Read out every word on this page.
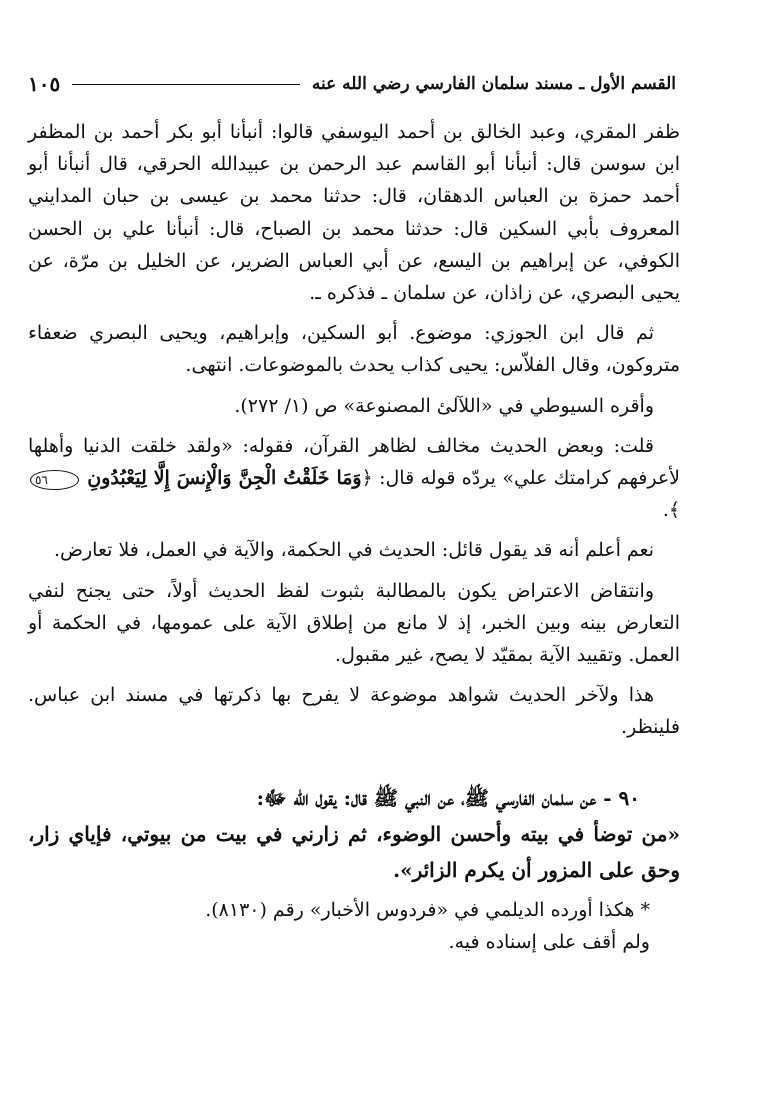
القسم الأول ـ مسند سلمان الفارسي رضي الله عنه
١٠٥

ظفر المقري، وعبد الخالق بن أحمد اليوسفي قالوا: أنبأنا أبو بكر أحمد بن المظفر ابن سوسن قال: أنبأنا أبو القاسم عبد الرحمن بن عبيدالله الحرقي، قال أنبأنا أبو أحمد حمزة بن العباس الدهقان، قال: حدثنا محمد بن عيسى بن حبان المدايني المعروف بأبي السكين قال: حدثنا محمد بن الصباح، قال: أنبأنا علي بن الحسن الكوفي، عن إبراهيم بن اليسع، عن أبي العباس الضرير، عن الخليل بن مرّة، عن يحيى البصري، عن زاذان، عن سلمان ـ فذكره ـ.

ثم قال ابن الجوزي: موضوع. أبو السكين، وإبراهيم، ويحيى البصري ضعفاء متروكون، وقال الفلاّس: يحيى كذاب يحدث بالموضوعات. انتهى.

وأقره السيوطي في «اللآلئ المصنوعة» ص (١/ ٢٧٢).

قلت: وبعض الحديث مخالف لظاهر القرآن، فقوله: «ولقد خلقت الدنيا وأهلها لأعرفهم كرامتك علي» يردّه قوله قال: ﴿وَمَا خَلَقْتُ الْجِنَّ وَالْإِنسَ إِلَّا لِيَعْبُدُونِ ٥٦﴾.

نعم أعلم أنه قد يقول قائل: الحديث في الحكمة، والآية في العمل، فلا تعارض.

وانتقاض الاعتراض يكون بالمطالبة بثبوت لفظ الحديث أولاً، حتى يجنح لنفي التعارض بينه وبين الخبر، إذ لا مانع من إطلاق الآية على عمومها، في الحكمة أو العمل. وتقييد الآية بمقيّد لا يصح، غير مقبول.

هذا ولآخر الحديث شواهد موضوعة لا يفرح بها ذكرتها في مسند ابن عباس. فلينظر.

٩٠ - عن سلمان الفارسي ﷺ، عن النبي ﷺ قال: يقول الله ﷻ:

«من توضأ في بيته وأحسن الوضوء، ثم زارني في بيت من بيوتي، فإياي زار، وحق على المزور أن يكرم الزائر».

* هكذا أورده الديلمي في «فردوس الأخبار» رقم (٨١٣٠).

ولم أقف على إسناده فيه.
